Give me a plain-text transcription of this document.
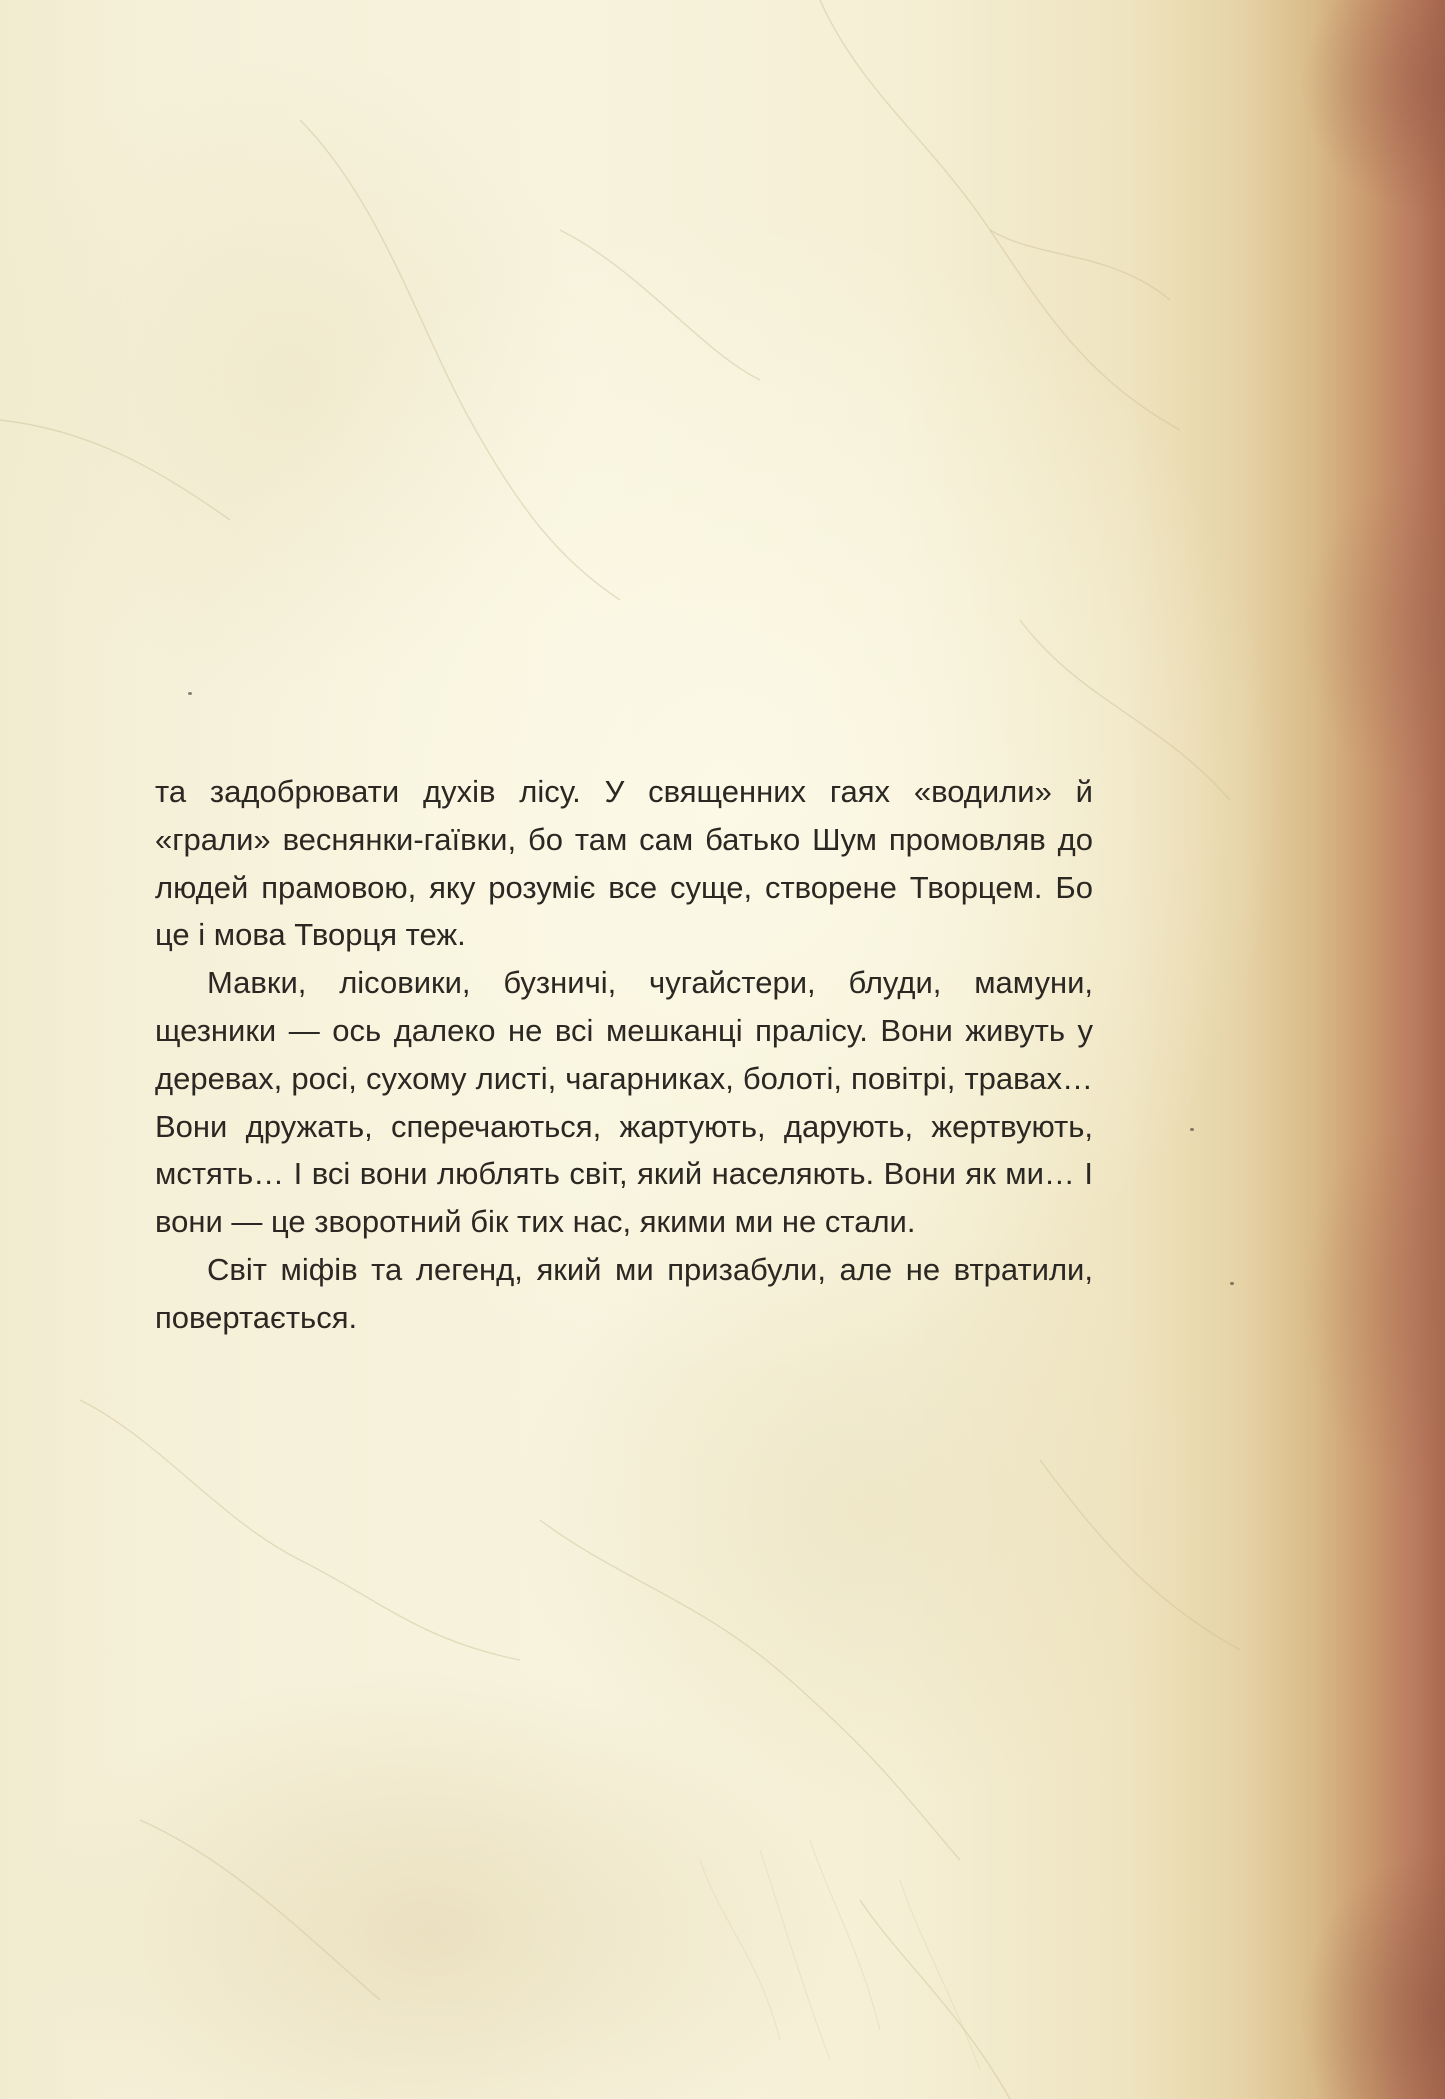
та задобрювати духів лісу. У священних гаях «водили» й «грали» веснянки-гаївки, бо там сам батько Шум промовляв до людей прамовою, яку розуміє все суще, створене Творцем. Бо це і мова Творця теж.

Мавки, лісовики, бузничі, чугайстери, блуди, мамуни, щезники — ось далеко не всі мешканці пралісу. Вони живуть у деревах, росі, сухому листі, чагарниках, болоті, повітрі, травах… Вони дружать, сперечаються, жартують, дарують, жертвують, мстять… І всі вони люблять світ, який населяють. Вони як ми… І вони — це зворотний бік тих нас, якими ми не стали.

Світ міфів та легенд, який ми призабули, але не втратили, повертається.
